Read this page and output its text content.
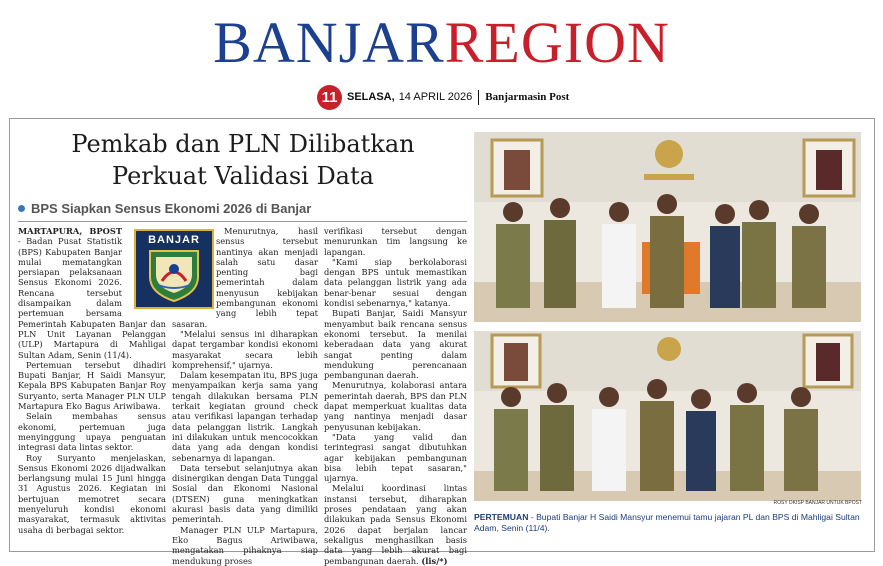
BANJARREGION
11 SELASA, 14 APRIL 2026 Banjarmasin Post
Pemkab dan PLN Dilibatkan
Perkuat Validasi Data
BPS Siapkan Sensus Ekonomi 2026 di Banjar

MARTAPURA, BPOST - Badan Pusat Statistik (BPS) Kabupaten Banjar mulai mematangkan persiapan pelaksanaan Sensus Ekonomi 2026. Rencana tersebut disampaikan dalam pertemuan bersama Pemerintah Kabupaten Banjar dan PLN Unit Layanan Pelanggan (ULP) Martapura di Mahligai Sultan Adam, Senin (11/4).

Pertemuan tersebut dihadiri Bupati Banjar, H Saidi Mansyur, Kepala BPS Kabupaten Banjar Roy Suryanto, serta Manager PLN ULP Martapura Eko Bagus Ariwibawa.

Selain membahas sensus ekonomi, pertemuan juga menyinggung upaya penguatan integrasi data lintas sektor.

Roy Suryanto menjelaskan, Sensus Ekonomi 2026 dijadwalkan berlangsung mulai 15 Juni hingga 31 Agustus 2026. Kegiatan ini bertujuan memotret secara menyeluruh kondisi ekonomi masyarakat, termasuk aktivitas usaha di berbagai sektor.

Menurutnya, hasil sensus tersebut nantinya akan menjadi salah satu dasar penting bagi pemerintah dalam menyusun kebijakan pembangunan ekonomi yang lebih tepat sasaran.

"Melalui sensus ini diharapkan dapat tergambar kondisi ekonomi masyarakat secara lebih komprehensif," ujarnya.

Dalam kesempatan itu, BPS juga menyampaikan kerja sama yang tengah dilakukan bersama PLN terkait kegiatan ground check atau verifikasi lapangan terhadap data pelanggan listrik. Langkah ini dilakukan untuk mencocokkan data yang ada dengan kondisi sebenarnya di lapangan.

Data tersebut selanjutnya akan disinergikan dengan Data Tunggal Sosial dan Ekonomi Nasional (DTSEN) guna meningkatkan akurasi basis data yang dimiliki pemerintah.

Manager PLN ULP Martapura, Eko Bagus Ariwibawa, mengatakan pihaknya siap mendukung proses

BANJAR

verifikasi tersebut dengan menurunkan tim langsung ke lapangan.

"Kami siap berkolaborasi dengan BPS untuk memastikan data pelanggan listrik yang ada benar-benar sesuai dengan kondisi sebenarnya," katanya.

Bupati Banjar, Saidi Mansyur menyambut baik rencana sensus ekonomi tersebut. Ia menilai keberadaan data yang akurat sangat penting dalam mendukung perencanaan pembangunan daerah.

Menurutnya, kolaborasi antara pemerintah daerah, BPS dan PLN dapat memperkuat kualitas data yang nantinya menjadi dasar penyusunan kebijakan.

"Data yang valid dan terintegrasi sangat dibutuhkan agar kebijakan pembangunan bisa lebih tepat sasaran," ujarnya.

Melalui koordinasi lintas instansi tersebut, diharapkan proses pendataan yang akan dilakukan pada Sensus Ekonomi 2026 dapat berjalan lancar sekaligus menghasilkan basis data yang lebih akurat bagi pembangunan daerah. (lis/*)

ROSY DKISP BANJAR UNTUK BPOST
PERTEMUAN - Bupati Banjar H Saidi Mansyur menemui tamu jajaran PL dan BPS di Mahligai Sultan Adam, Senin (11/4).
